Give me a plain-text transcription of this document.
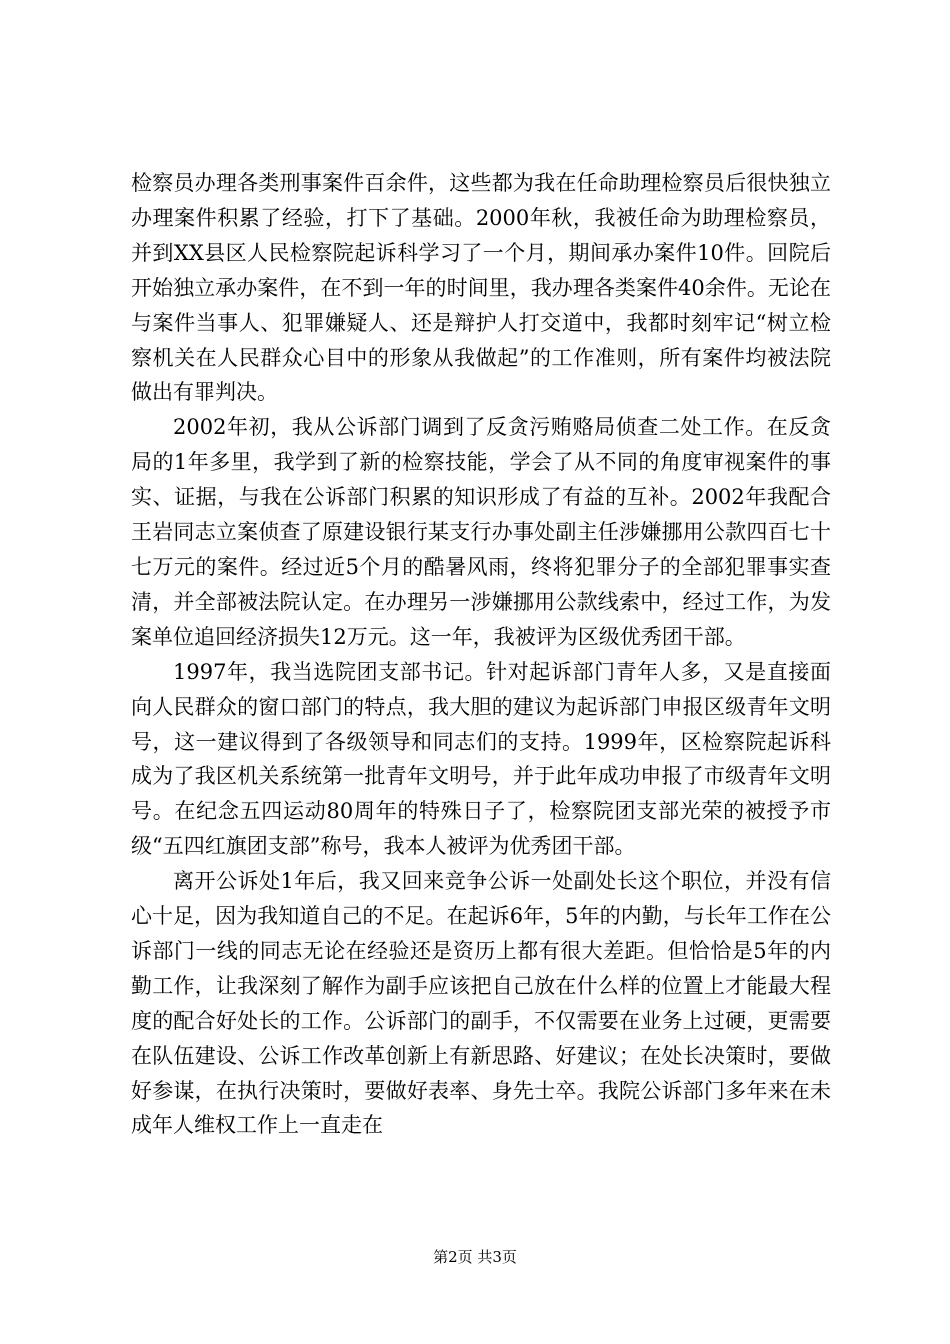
检察员办理各类刑事案件百余件，这些都为我在任命助理检察员后很快独立办理案件积累了经验，打下了基础。2000年秋，我被任命为助理检察员，并到XX县区人民检察院起诉科学习了一个月，期间承办案件10件。回院后开始独立承办案件，在不到一年的时间里，我办理各类案件40余件。无论在与案件当事人、犯罪嫌疑人、还是辩护人打交道中，我都时刻牢记“树立检察机关在人民群众心目中的形象从我做起”的工作准则，所有案件均被法院做出有罪判决。

2002年初，我从公诉部门调到了反贪污贿赂局侦查二处工作。在反贪局的1年多里，我学到了新的检察技能，学会了从不同的角度审视案件的事实、证据，与我在公诉部门积累的知识形成了有益的互补。2002年我配合王岩同志立案侦查了原建设银行某支行办事处副主任涉嫌挪用公款四百七十七万元的案件。经过近5个月的酷暑风雨，终将犯罪分子的全部犯罪事实查清，并全部被法院认定。在办理另一涉嫌挪用公款线索中，经过工作，为发案单位追回经济损失12万元。这一年，我被评为区级优秀团干部。

1997年，我当选院团支部书记。针对起诉部门青年人多，又是直接面向人民群众的窗口部门的特点，我大胆的建议为起诉部门申报区级青年文明号，这一建议得到了各级领导和同志们的支持。1999年，区检察院起诉科成为了我区机关系统第一批青年文明号，并于此年成功申报了市级青年文明号。在纪念五四运动80周年的特殊日子了，检察院团支部光荣的被授予市级“五四红旗团支部”称号，我本人被评为优秀团干部。

离开公诉处1年后，我又回来竞争公诉一处副处长这个职位，并没有信心十足，因为我知道自己的不足。在起诉6年，5年的内勤，与长年工作在公诉部门一线的同志无论在经验还是资历上都有很大差距。但恰恰是5年的内勤工作，让我深刻了解作为副手应该把自己放在什么样的位置上才能最大程度的配合好处长的工作。公诉部门的副手，不仅需要在业务上过硬，更需要在队伍建设、公诉工作改革创新上有新思路、好建议；在处长决策时，要做好参谋，在执行决策时，要做好表率、身先士卒。我院公诉部门多年来在未成年人维权工作上一直走在

第2页 共3页
